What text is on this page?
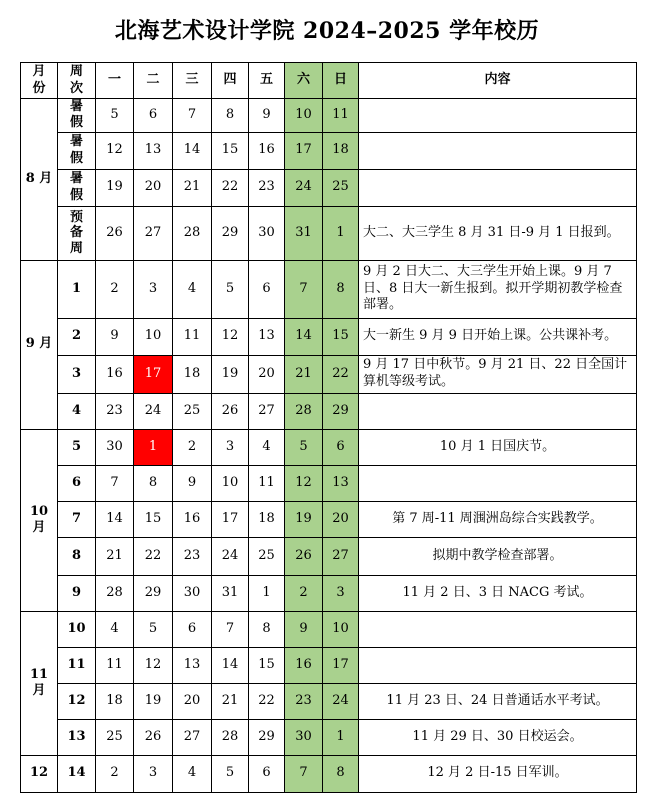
北海艺术设计学院 2024–2025 学年校历
月
份	周
次	一	二	三	四	五	六	日	内容
8 月	暑
假	5	6	7	8	9	10	11	

	暑
假	12	13	14	15	16	17	18	

	暑
假	19	20	21	22	23	24	25	

	预
备
周	26	27	28	29	30	31	1	大二、大三学生 8 月 31 日-9 月 1 日报到。
9 月	1	2	3	4	5	6	7	8	9 月 2 日大二、大三学生开始上课。9 月 7 日、8 日大一新生报到。拟开学期初教学检查部署。
	2	9	10	11	12	13	14	15	大一新生 9 月 9 日开始上课。公共课补考。
	3	16	17	18	19	20	21	22	9 月 17 日中秋节。9 月 21 日、22 日全国计算机等级考试。
	4	23	24	25	26	27	28	29	

10
月	5	30	1	2	3	4	5	6	10 月 1 日国庆节。
	6	7	8	9	10	11	12	13	
	7	14	15	16	17	18	19	20	第 7 周-11 周涠洲岛综合实践教学。
	8	21	22	23	24	25	26	27	拟期中教学检查部署。
	9	28	29	30	31	1	2	3	11 月 2 日、3 日 NACG 考试。

11
月	10	4	5	6	7	8	9	10	
	11	11	12	13	14	15	16	17	
	12	18	19	20	21	22	23	24	11 月 23 日、24 日普通话水平考试。
	13	25	26	27	28	29	30	1	11 月 29 日、30 日校运会。
12	14	2	3	4	5	6	7	8	12 月 2 日-15 日军训。
